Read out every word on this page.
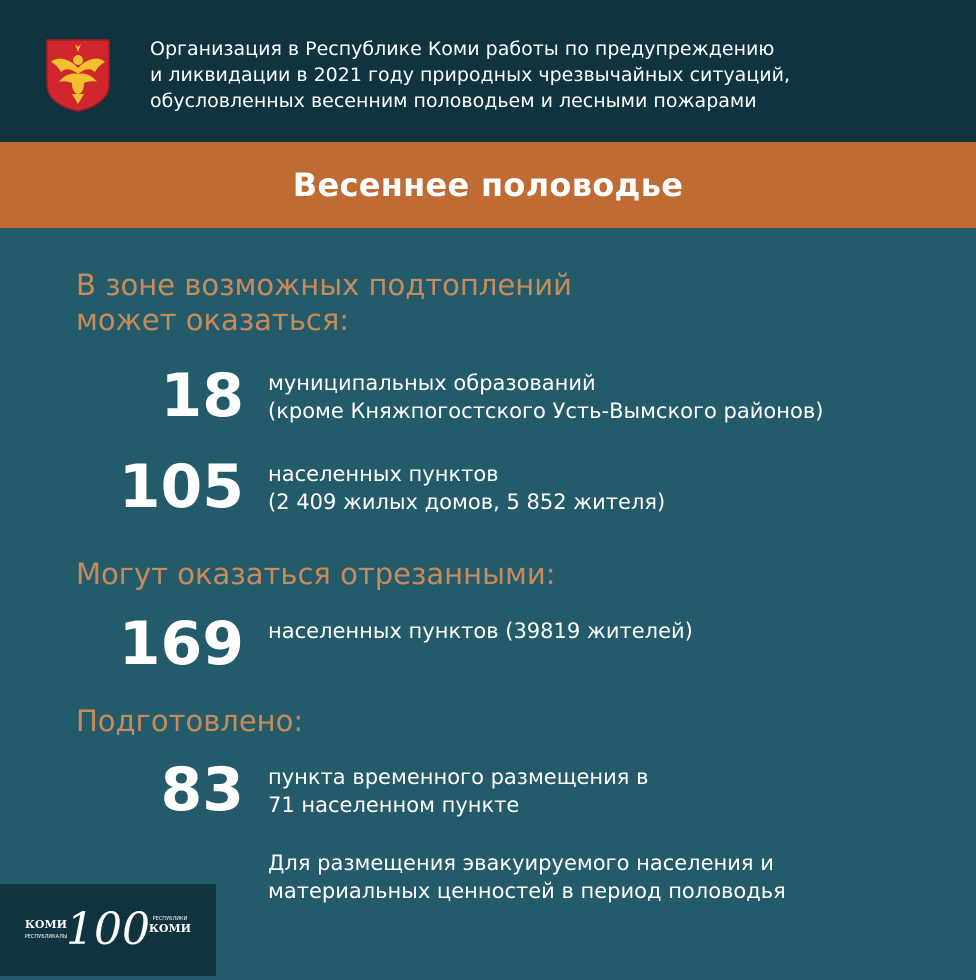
Организация в Республике Коми работы по предупреждению
и ликвидации в 2021 году природных чрезвычайных ситуаций,
обусловленных весенним половодьем и лесными пожарами
Весеннее половодье
В зоне возможных подтоплений
может оказаться:
18 муниципальных образований
(кроме Княжпогостского Усть-Вымского районов)
105 населенных пунктов
(2 409 жилых домов, 5 852 жителя)
Могут оказаться отрезанными:
169 населенных пунктов (39819 жителей)
Подготовлено:
83 пункта временного размещения в
71 населенном пункте
Для размещения эвакуируемого населения и
материальных ценностей в период половодья
КОМИ
РЕСПУБЛИКАЛЫ
100 РЕСПУБЛИКИ
КОМИ
